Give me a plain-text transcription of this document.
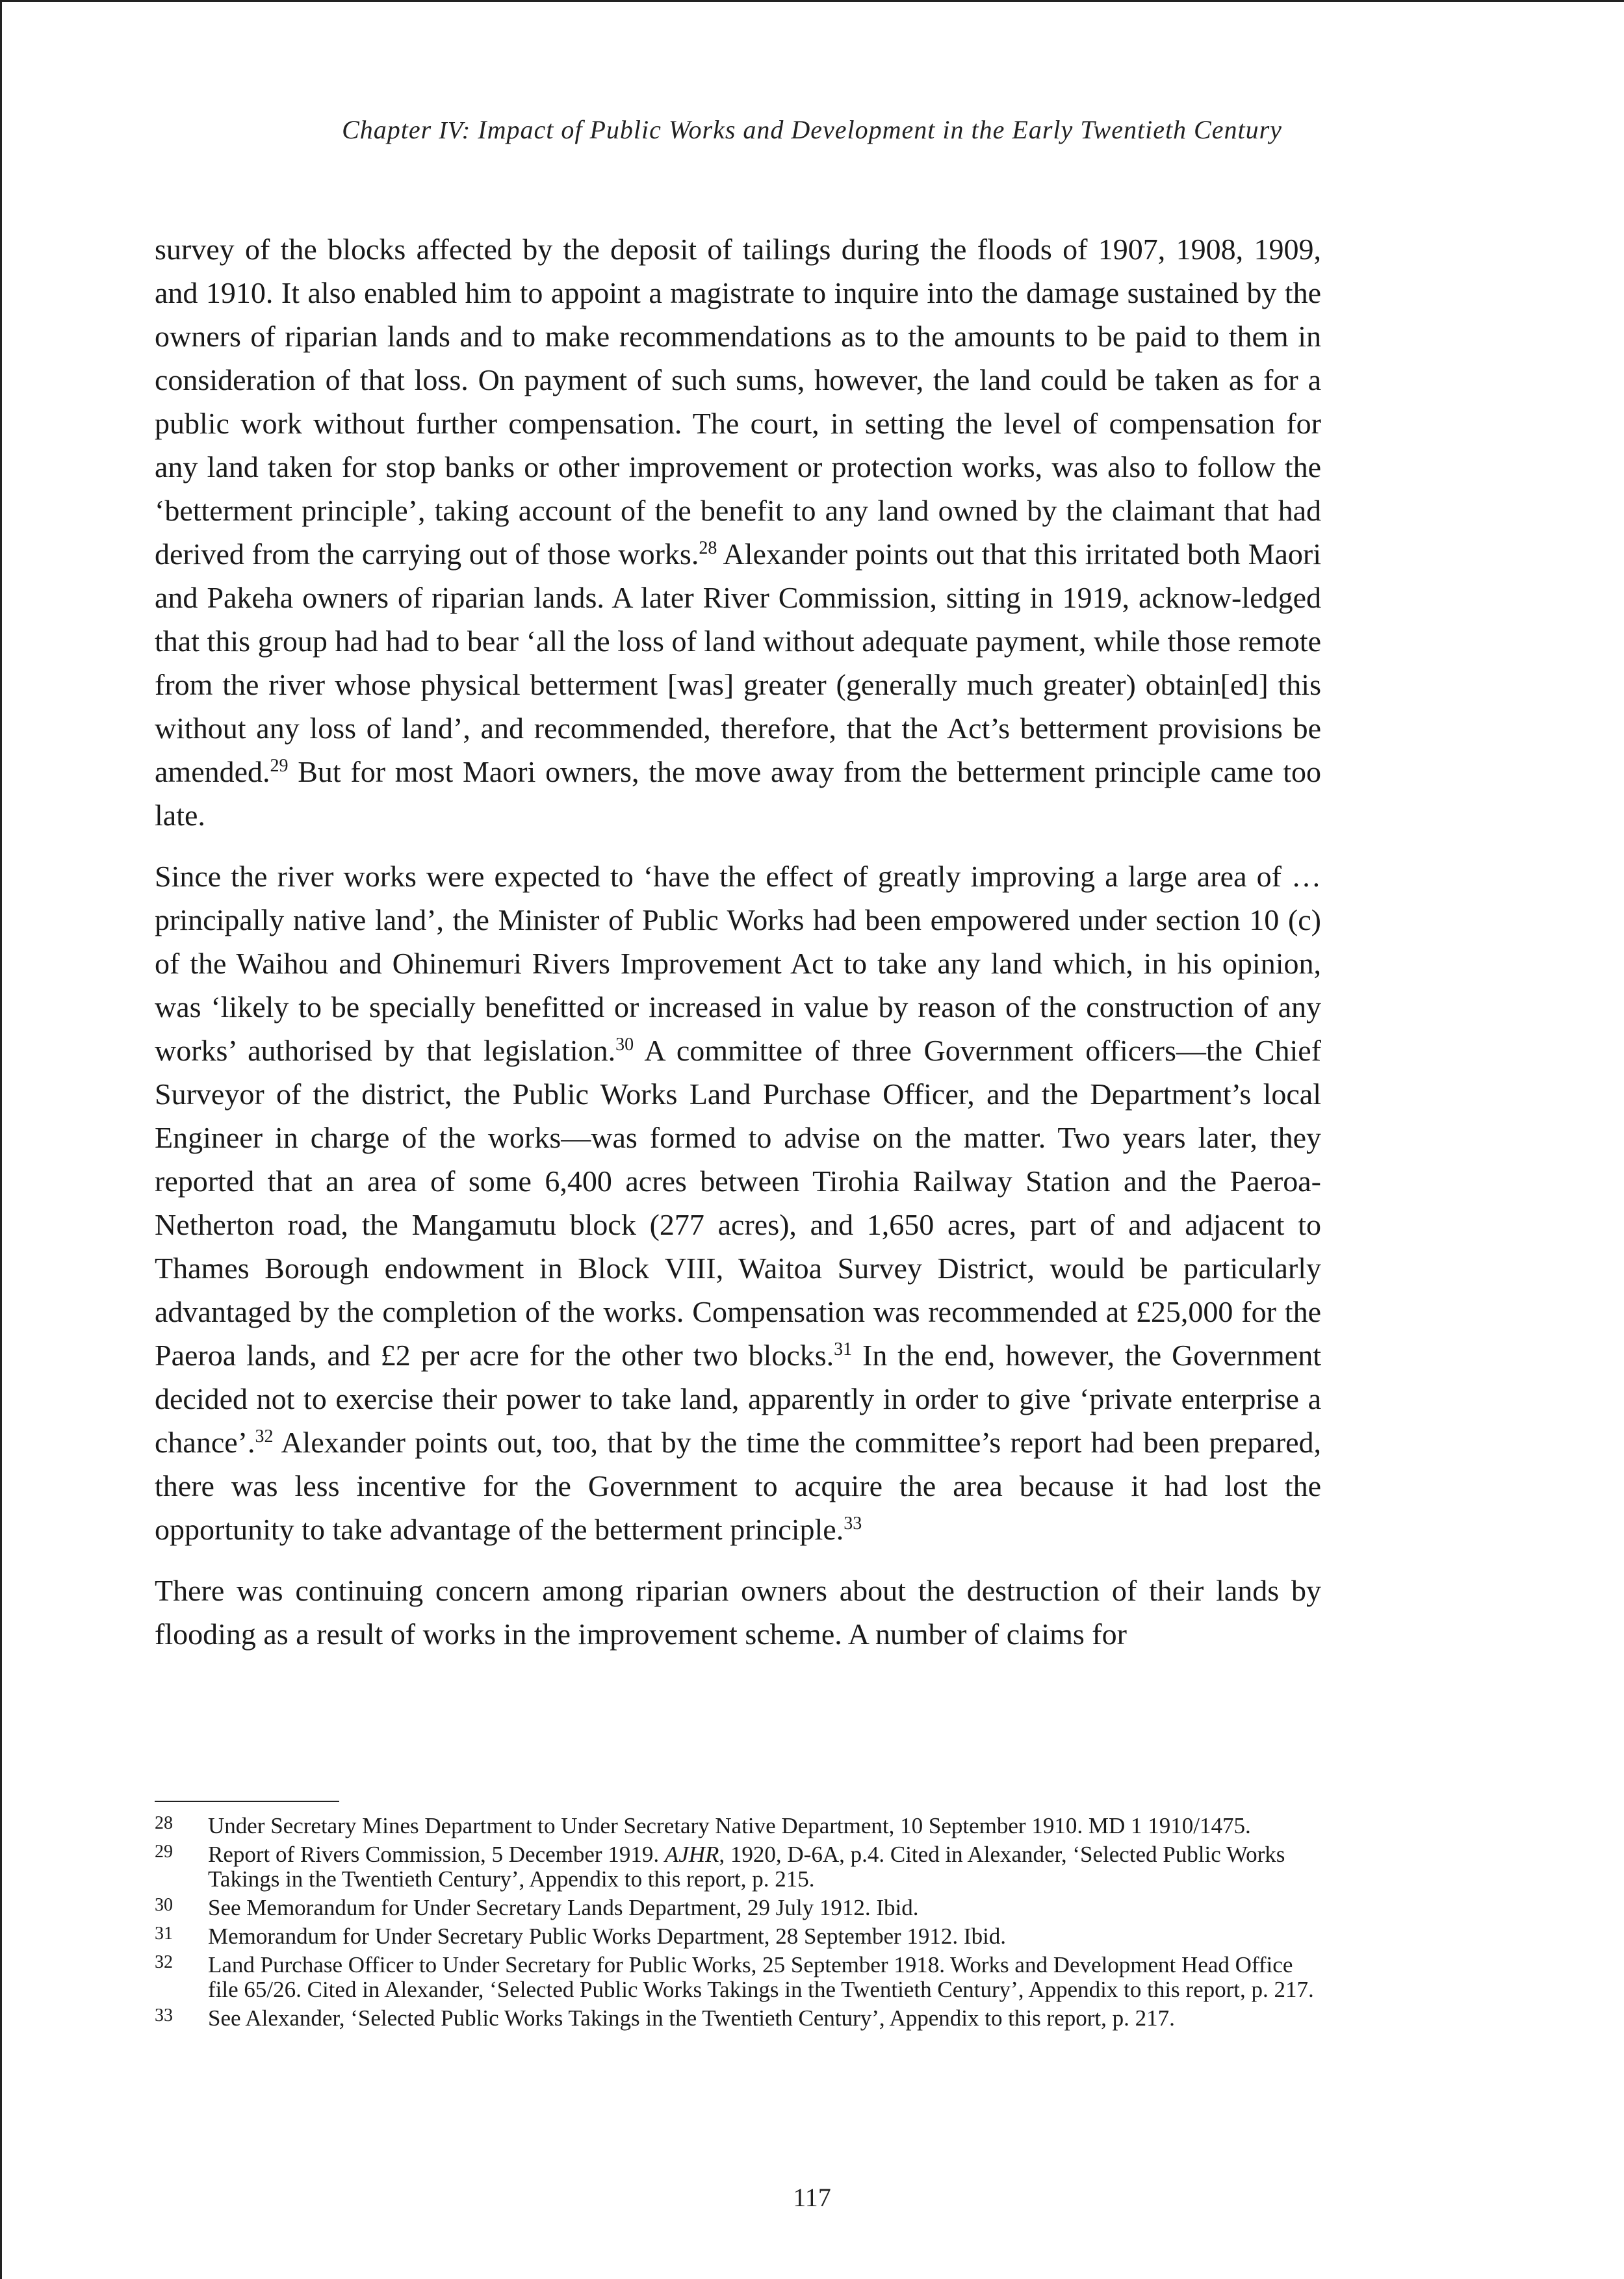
Chapter IV: Impact of Public Works and Development in the Early Twentieth Century

survey of the blocks affected by the deposit of tailings during the floods of 1907, 1908, 1909, and 1910. It also enabled him to appoint a magistrate to inquire into the damage sustained by the owners of riparian lands and to make recommendations as to the amounts to be paid to them in consideration of that loss. On payment of such sums, however, the land could be taken as for a public work without further compensation. The court, in setting the level of compensation for any land taken for stop banks or other improvement or protection works, was also to follow the ‘betterment principle’, taking account of the benefit to any land owned by the claimant that had derived from the carrying out of those works.$^{28}$ Alexander points out that this irritated both Maori and Pakeha owners of riparian lands. A later River Commission, sitting in 1919, acknow-ledged that this group had had to bear ‘all the loss of land without adequate payment, while those remote from the river whose physical betterment [was] greater (generally much greater) obtain[ed] this without any loss of land’, and recommended, therefore, that the Act’s betterment provisions be amended.$^{29}$ But for most Maori owners, the move away from the betterment principle came too late.

Since the river works were expected to ‘have the effect of greatly improving a large area of … principally native land’, the Minister of Public Works had been empowered under section 10 (c) of the Waihou and Ohinemuri Rivers Improvement Act to take any land which, in his opinion, was ‘likely to be specially benefitted or increased in value by reason of the construction of any works’ authorised by that legislation.$^{30}$ A committee of three Government officers—the Chief Surveyor of the district, the Public Works Land Purchase Officer, and the Department’s local Engineer in charge of the works—was formed to advise on the matter. Two years later, they reported that an area of some 6,400 acres between Tirohia Railway Station and the Paeroa-Netherton road, the Mangamutu block (277 acres), and 1,650 acres, part of and adjacent to Thames Borough endowment in Block VIII, Waitoa Survey District, would be particularly advantaged by the completion of the works. Compensation was recommended at £25,000 for the Paeroa lands, and £2 per acre for the other two blocks.$^{31}$ In the end, however, the Government decided not to exercise their power to take land, apparently in order to give ‘private enterprise a chance’.$^{32}$ Alexander points out, too, that by the time the committee’s report had been prepared, there was less incentive for the Government to acquire the area because it had lost the opportunity to take advantage of the betterment principle.$^{33}$

There was continuing concern among riparian owners about the destruction of their lands by flooding as a result of works in the improvement scheme. A number of claims for

28	Under Secretary Mines Department to Under Secretary Native Department, 10 September 1910. MD 1 1910/1475.
29	Report of Rivers Commission, 5 December 1919. AJHR, 1920, D-6A, p.4. Cited in Alexander, ‘Selected Public Works Takings in the Twentieth Century’, Appendix to this report, p. 215.
30	See Memorandum for Under Secretary Lands Department, 29 July 1912. Ibid.
31	Memorandum for Under Secretary Public Works Department, 28 September 1912. Ibid.
32	Land Purchase Officer to Under Secretary for Public Works, 25 September 1918. Works and Development Head Office file 65/26. Cited in Alexander, ‘Selected Public Works Takings in the Twentieth Century’, Appendix to this report, p. 217.
33	See Alexander, ‘Selected Public Works Takings in the Twentieth Century’, Appendix to this report, p. 217.
117
